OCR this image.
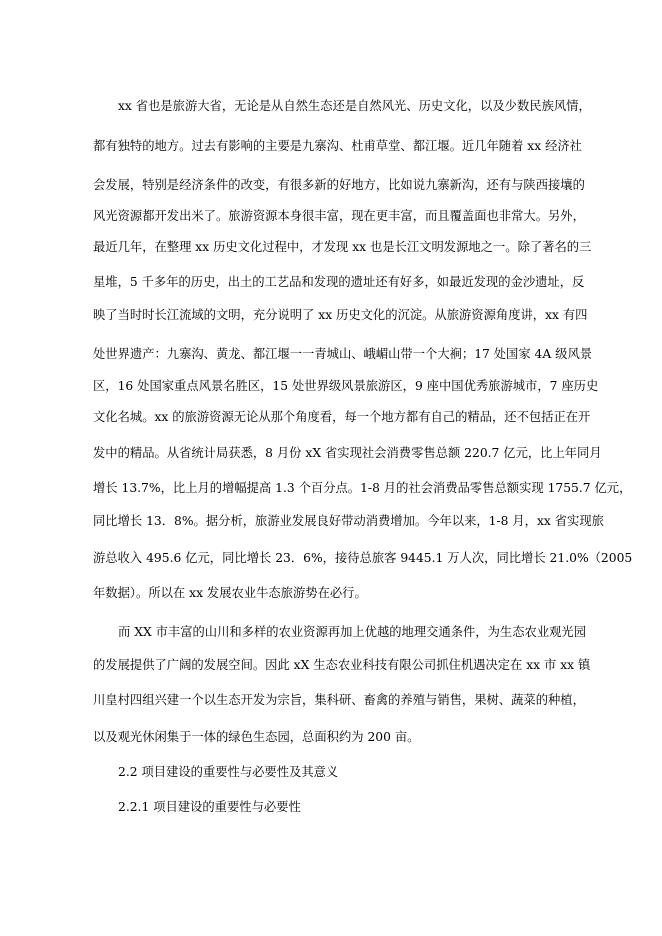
xx 省也是旅游大省，无论是从自然生态还是自然风光、历史文化，以及少数民族风情，
都有独特的地方。过去有影响的主要是九寨沟、杜甫草堂、都江堰。近几年随着 xx 经济社
会发展，特别是经济条件的改变，有很多新的好地方，比如说九寨新沟，还有与陕西接壤的
风光资源都开发出米了。旅游资源本身很丰富，现在更丰富，而且覆盖面也非常大。另外，
最近几年，在整理 xx 历史文化过程中，才发现 xx 也是长江文明发源地之一。除了著名的三
星堆，5 千多年的历史，出土的工艺品和发现的遗址还有好多，如最近发现的金沙遗址，反
映了当时时长江流域的文明，充分说明了 xx 历史文化的沉淀。从旅游资源角度讲，xx 有四
处世界遗产：九寨沟、黄龙、都江堰一一青城山、峨嵋山带一个大裥；17 处国家 4A 级风景
区，16 处国家重点风景名胜区，15 处世界级风景旅游区，9 座中国优秀旅游城市，7 座历史
文化名城。xx 的旅游资源无论从那个角度看，每一个地方都有自己的精品，还不包括正在开
发中的精品。从省统计局获悉，8 月份 xX 省实现社会消费零售总额 220.7 亿元，比上年同月
增长 13.7%，比上月的增幅提高 1.3 个百分点。1-8 月的社会消费品零售总额实现 1755.7 亿元，
同比增长 13．8%。据分析，旅游业发展良好带动消费增加。今年以来，1-8 月，xx 省实现旅
游总收入 495.6 亿元，同比增长 23．6%，接待总旅客 9445.1 万人次，同比增长 21.0%（2005
年数据）。所以在 xx 发展农业牛态旅游势在必行。
而 XX 市丰富的山川和多样的农业资源再加上优越的地理交通条件，为生态农业观光园
的发展提供了广阔的发展空间。因此 xX 生态农业科技有限公司抓住机遇决定在 xx 市 xx 镇
川皇村四组兴建一个以生态开发为宗旨，集科研、畜禽的养殖与销售，果树、蔬菜的种植，
以及观光休闲集于一体的绿色生态园，总面积约为 200 亩。
2.2 项目建设的重要性与必要性及其意义
2.2.1 项目建设的重要性与必要性
